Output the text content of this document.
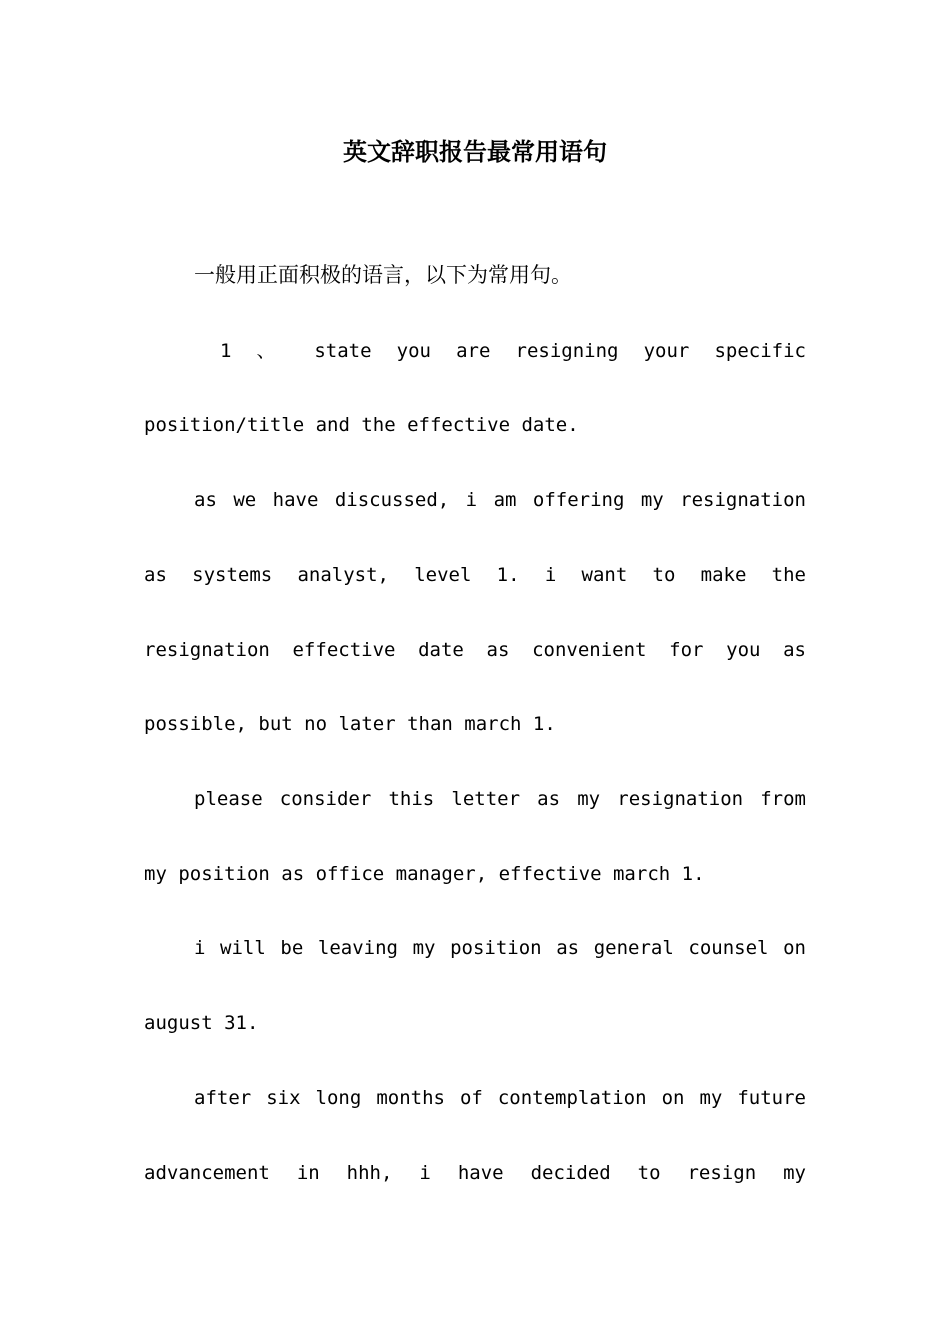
英文辞职报告最常用语句
一般用正面积极的语言，以下为常用句。
1 、 state you are resigning your specific
position/title and the effective date.
as we have discussed, i am offering my resignation
as systems analyst, level 1. i want to make the
resignation effective date as convenient for you as
possible, but no later than march 1.
please consider this letter as my resignation from
my position as office manager, effective march 1.
i will be leaving my position as general counsel on
august 31.
after six long months of contemplation on my future
advancement in hhh, i have decided to resign my
